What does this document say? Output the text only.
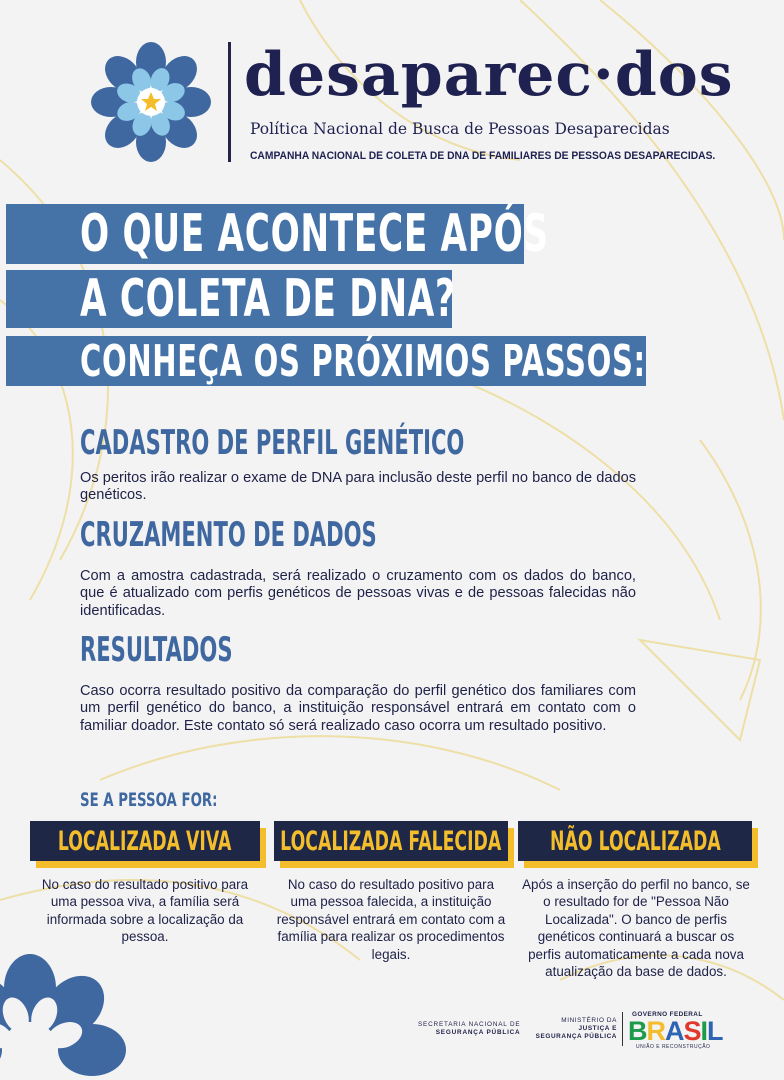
desaparec·dos
Política Nacional de Busca de Pessoas Desaparecidas
CAMPANHA NACIONAL DE COLETA DE DNA DE FAMILIARES DE PESSOAS DESAPARECIDAS.
O QUE ACONTECE APÓS
A COLETA DE DNA?
CONHEÇA OS PRÓXIMOS PASSOS:
CADASTRO DE PERFIL GENÉTICO
Os peritos irão realizar o exame de DNA para inclusão deste perfil no banco de dados genéticos.
CRUZAMENTO DE DADOS
Com a amostra cadastrada, será realizado o cruzamento com os dados do banco, que é atualizado com perfis genéticos de pessoas vivas e de pessoas falecidas não identificadas.
RESULTADOS
Caso ocorra resultado positivo da comparação do perfil genético dos familiares com um perfil genético do banco, a instituição responsável entrará em contato com o familiar doador. Este contato só será realizado caso ocorra um resultado positivo.
SE A PESSOA FOR:
LOCALIZADA VIVA LOCALIZADA FALECIDA NÃO LOCALIZADA
No caso do resultado positivo para uma pessoa viva, a família será informada sobre a localização da pessoa.
No caso do resultado positivo para uma pessoa falecida, a instituição responsável entrará em contato com a família para realizar os procedimentos legais.
Após a inserção do perfil no banco, se o resultado for de "Pessoa Não Localizada". O banco de perfis genéticos continuará a buscar os perfis automaticamente a cada nova atualização da base de dados.
SECRETARIA NACIONAL DE
SEGURANÇA PÚBLICA
MINISTÉRIO DA
JUSTIÇA E
SEGURANÇA PÚBLICA
GOVERNO FEDERAL
BRASIL
UNIÃO E RECONSTRUÇÃO
